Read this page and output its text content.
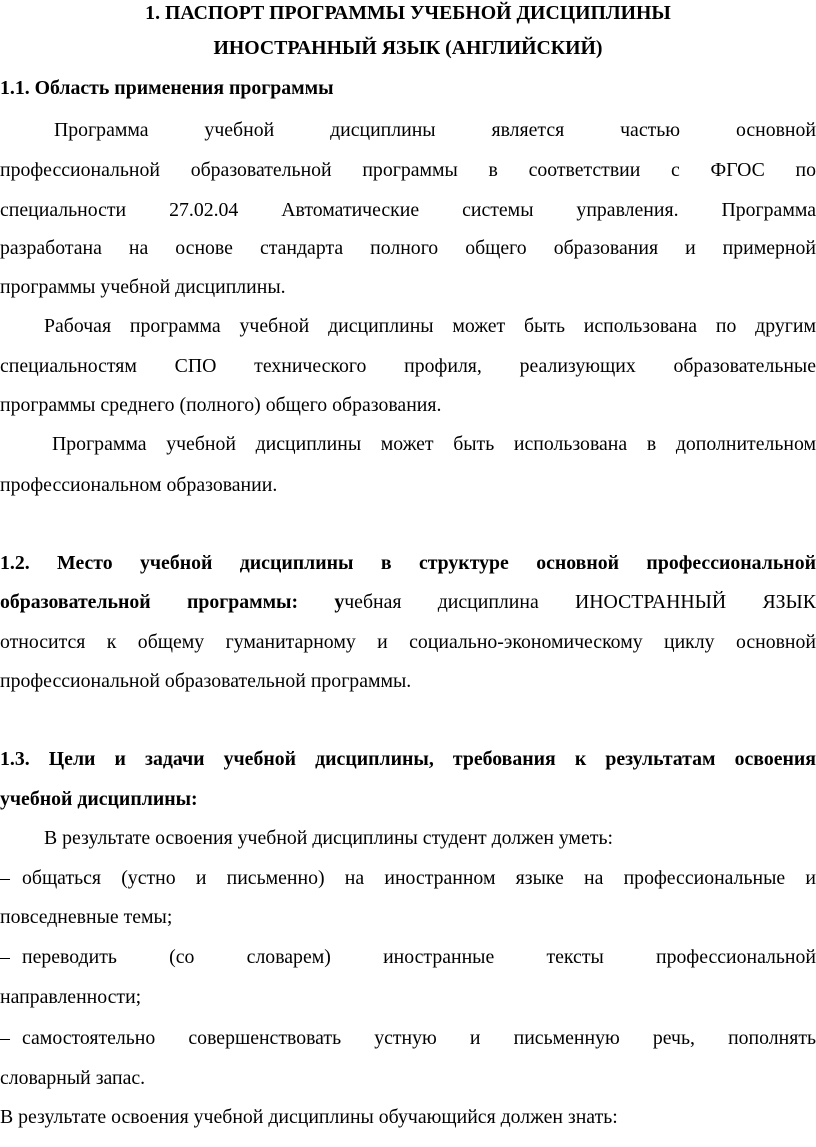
1. ПАСПОРТ ПРОГРАММЫ УЧЕБНОЙ ДИСЦИПЛИНЫ
ИНОСТРАННЫЙ ЯЗЫК (АНГЛИЙСКИЙ)
1.1. Область применения программы
Программа учебной дисциплины является частью основной
профессиональной образовательной программы в соответствии с ФГОС по
специальности 27.02.04 Автоматические системы управления. Программа
разработана на основе стандарта полного общего образования и примерной
программы учебной дисциплины.
Рабочая программа учебной дисциплины может быть использована по другим
специальностям СПО технического профиля, реализующих образовательные
программы среднего (полного) общего образования.
Программа учебной дисциплины может быть использована в дополнительном
профессиональном образовании.
1.2. Место учебной дисциплины в структуре основной профессиональной
образовательной программы: учебная дисциплина ИНОСТРАННЫЙ ЯЗЫК
относится к общему гуманитарному и социально-экономическому циклу основной
профессиональной образовательной программы.
1.3. Цели и задачи учебной дисциплины, требования к результатам освоения
учебной дисциплины:
В результате освоения учебной дисциплины студент должен уметь:
– общаться (устно и письменно) на иностранном языке на профессиональные и
повседневные темы;
– переводить (со словарем) иностранные тексты профессиональной
направленности;
– самостоятельно совершенствовать устную и письменную речь, пополнять
словарный запас.
В результате освоения учебной дисциплины обучающийся должен знать:
